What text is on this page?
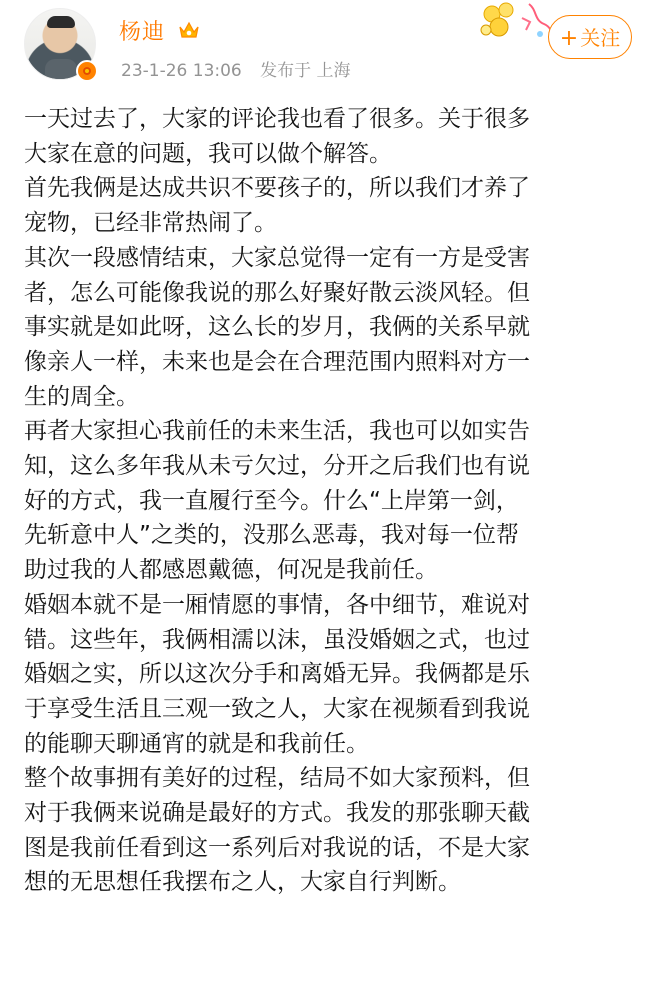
杨迪
23-1-26 13:06 发布于 上海
+ 关注
一天过去了，大家的评论我也看了很多。关于很多
大家在意的问题，我可以做个解答。
首先我俩是达成共识不要孩子的，所以我们才养了
宠物，已经非常热闹了。
其次一段感情结束，大家总觉得一定有一方是受害
者，怎么可能像我说的那么好聚好散云淡风轻。但
事实就是如此呀，这么长的岁月，我俩的关系早就
像亲人一样，未来也是会在合理范围内照料对方一
生的周全。
再者大家担心我前任的未来生活，我也可以如实告
知，这么多年我从未亏欠过，分开之后我们也有说
好的方式，我一直履行至今。什么“上岸第一剑，
先斩意中人”之类的，没那么恶毒，我对每一位帮
助过我的人都感恩戴德，何况是我前任。
婚姻本就不是一厢情愿的事情，各中细节，难说对
错。这些年，我俩相濡以沫，虽没婚姻之式，也过
婚姻之实，所以这次分手和离婚无异。我俩都是乐
于享受生活且三观一致之人，大家在视频看到我说
的能聊天聊通宵的就是和我前任。
整个故事拥有美好的过程，结局不如大家预料，但
对于我俩来说确是最好的方式。我发的那张聊天截
图是我前任看到这一系列后对我说的话，不是大家
想的无思想任我摆布之人，大家自行判断。
